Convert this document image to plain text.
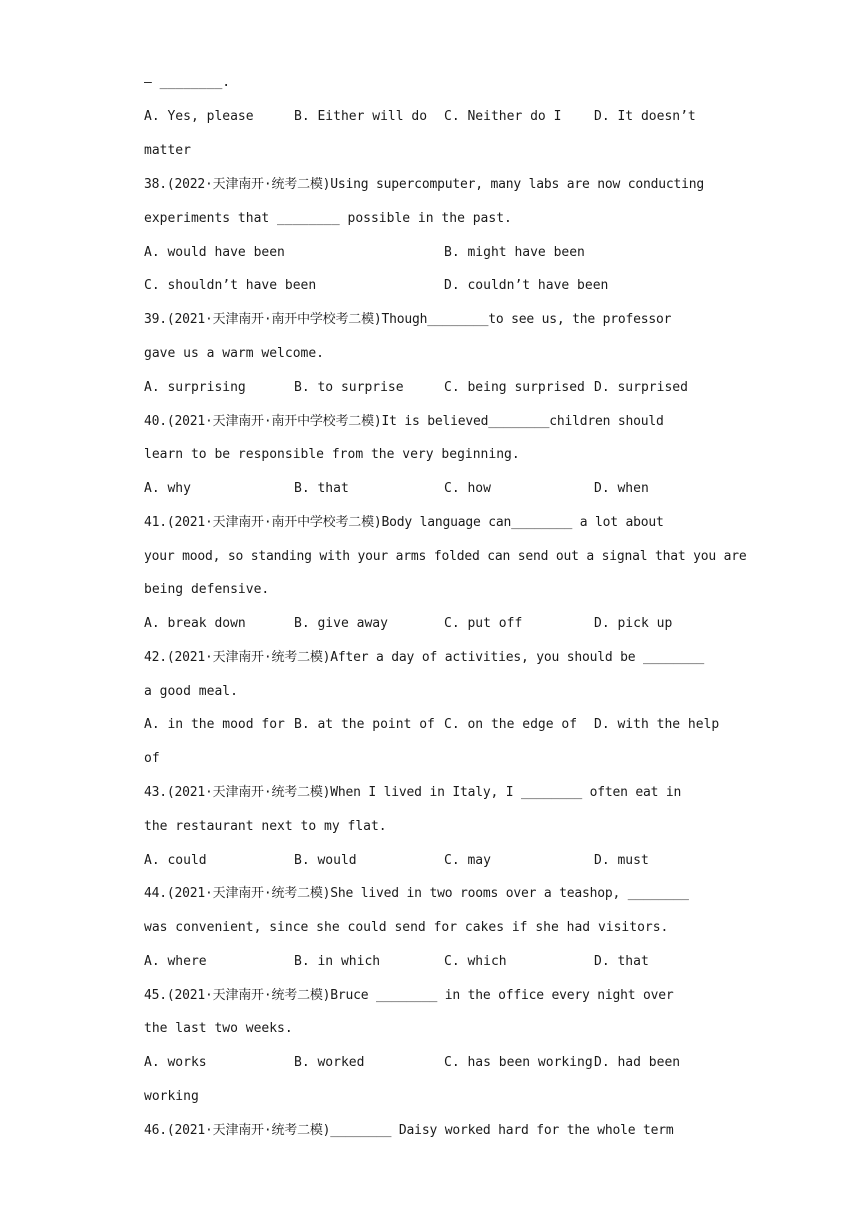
— ________.

A. Yes, please

	B. Either will do

C. Neither do I

	D. It doesn’t

matter
38.(2022·天津南开·统考二模)Using supercomputer, many labs are now conducting
experiments that ________ possible in the past.

A. would have been

	B. might have been

C. shouldn’t have been

	D. couldn’t have been

39.(2021·天津南开·南开中学校考二模)Though________to see us, the professor
gave us a warm welcome.

A. surprising

	B. to surprise

	C. being surprised

D. surprised

40.(2021·天津南开·南开中学校考二模)It is believed________children should
learn to be responsible from the very beginning.

A. why

	B. that

	C. how

	D. when

41.(2021·天津南开·南开中学校考二模)Body language can________ a lot about
your mood, so standing with your arms folded can send out a signal that you are
being defensive.

A. break down

	B. give away

	C. put off

	D. pick up

42.(2021·天津南开·统考二模)After a day of activities, you should be ________
a good meal.

A. in the mood for

B. at the point of

C. on the edge of

D. with the help

of
43.(2021·天津南开·统考二模)When I lived in Italy, I ________ often eat in
the restaurant next to my flat.

A. could

	B. would

	C. may

	D. must

44.(2021·天津南开·统考二模)She lived in two rooms over a teashop, ________
was convenient, since she could send for cakes if she had visitors.

A. where

	B. in which

	C. which

	D. that

45.(2021·天津南开·统考二模)Bruce ________ in the office every night over
the last two weeks.

A. works

	B. worked

	C. has been working

D. had been

working
46.(2021·天津南开·统考二模)________ Daisy worked hard for the whole term
